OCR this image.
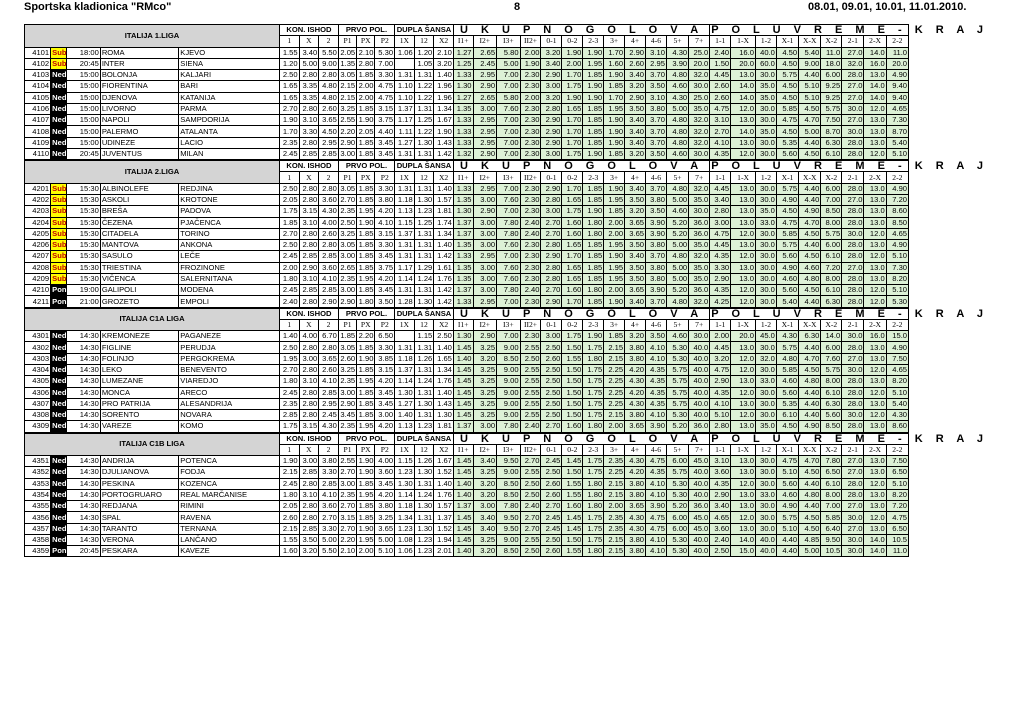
Sportska kladionica "RMco"	8	08.01, 09.01, 10.01, 11.01.2010.
ITALIJA 1.LIGA					KON. ISHOD			PRVO POL.			DUPLA ŠANSA			U K U P N O G O L O V A												P O L U V R E M E - K R A J								
					1	X	2	P1	PX	P2	1X	12	X2	I1+	I2+	I3+	II2+	0-1	0-2	2-3	3+	4+	4-6	5+	7+	1-1	1-X	1-2	X-1	X-X	X-2	2-1	2-X	2-2
4101	Sub	18:00	ROMA	KJEVO	1.55	3.40	5.50	2.05	2.10	5.30	1.06	1.20	2.10	1.27	2.65	5.80	2.00	3.20	1.90	1.90	1.70	2.90	3.10	4.30	25.0	2.40	16.0	40.0	4.50	5.40	11.0	27.0	14.0	11.0
4102	Sub	20:45	INTER	SIENA	1.20	5.00	9.00	1.35	2.80	7.00		1.05	3.20	1.25	2.45	5.00	1.90	3.40	2.00	1.95	1.60	2.60	2.95	3.90	20.0	1.50	20.0	60.0	4.50	9.00	18.0	32.0	16.0	20.0
4103	Ned	15:00	BOLONJA	KALJARI	2.50	2.80	2.80	3.05	1.85	3.30	1.31	1.31	1.40	1.33	2.95	7.00	2.30	2.90	1.70	1.85	1.90	3.40	3.70	4.80	32.0	4.45	13.0	30.0	5.75	4.40	6.00	28.0	13.0	4.90
4104	Ned	15:00	FIORENTINA	BARI	1.65	3.35	4.80	2.15	2.00	4.75	1.10	1.22	1.96	1.30	2.90	7.00	2.30	3.00	1.75	1.90	1.85	3.20	3.50	4.60	30.0	2.60	14.0	35.0	4.50	5.10	9.25	27.0	14.0	9.40
4105	Ned	15:00	DJENOVA	KATANIJA	1.65	3.35	4.80	2.15	2.00	4.75	1.10	1.22	1.96	1.27	2.65	5.80	2.00	3.20	1.90	1.90	1.70	2.90	3.10	4.30	25.0	2.60	14.0	35.0	4.50	5.10	9.25	27.0	14.0	9.40
4106	Ned	15:00	LIVORNO	PARMA	2.70	2.80	2.60	3.25	1.85	3.15	1.37	1.31	1.34	1.35	3.00	7.60	2.30	2.80	1.65	1.85	1.95	3.50	3.80	5.00	35.0	4.75	12.0	30.0	5.85	4.50	5.75	30.0	12.0	4.65
4107	Ned	15:00	NAPOLI	SAMPDORIJA	1.90	3.10	3.65	2.55	1.90	3.75	1.17	1.25	1.67	1.33	2.95	7.00	2.30	2.90	1.70	1.85	1.90	3.40	3.70	4.80	32.0	3.10	13.0	30.0	4.75	4.70	7.50	27.0	13.0	7.30
4108	Ned	15:00	PALERMO	ATALANTA	1.70	3.30	4.50	2.20	2.05	4.40	1.11	1.22	1.90	1.33	2.95	7.00	2.30	2.90	1.70	1.85	1.90	3.40	3.70	4.80	32.0	2.70	14.0	35.0	4.50	5.00	8.70	30.0	13.0	8.70
4109	Ned	15:00	UDINEZE	LACIO	2.35	2.80	2.95	2.90	1.85	3.45	1.27	1.30	1.43	1.33	2.95	7.00	2.30	2.90	1.70	1.85	1.90	3.40	3.70	4.80	32.0	4.10	13.0	30.0	5.35	4.40	6.30	28.0	13.0	5.40
4110	Ned	20:45	JUVENTUS	MILAN	2.45	2.85	2.85	3.00	1.85	3.45	1.31	1.31	1.42	1.32	2.90	7.00	2.30	3.00	1.75	1.90	1.85	3.20	3.50	4.60	30.0	4.35	12.0	30.0	5.60	4.50	6.10	28.0	12.0	5.10
ITALIJA 2.LIGA					KON. ISHOD			PRVO POL.			DUPLA ŠANSA			U K U P N O G O L O V A												P O L U V R E M E - K R A J								
					1	X	2	P1	PX	P2	1X	12	X2	I1+	I2+	I3+	II2+	0-1	0-2	2-3	3+	4+	4-6	5+	7+	1-1	1-X	1-2	X-1	X-X	X-2	2-1	2-X	2-2
4201	Sub	15:30	ALBINOLEFE	REDJINA	2.50	2.80	2.80	3.05	1.85	3.30	1.31	1.31	1.40	1.33	2.95	7.00	2.30	2.90	1.70	1.85	1.90	3.40	3.70	4.80	32.0	4.45	13.0	30.0	5.75	4.40	6.00	28.0	13.0	4.90
4202	Sub	15:30	ASKOLI	KROTONE	2.05	2.80	3.60	2.70	1.85	3.80	1.18	1.30	1.57	1.35	3.00	7.60	2.30	2.80	1.65	1.85	1.95	3.50	3.80	5.00	35.0	3.40	13.0	30.0	4.90	4.40	7.00	27.0	13.0	7.20
4203	Sub	15:30	BREŠA	PADOVA	1.75	3.15	4.30	2.35	1.95	4.20	1.13	1.23	1.81	1.30	2.90	7.00	2.30	3.00	1.75	1.90	1.85	3.20	3.50	4.60	30.0	2.80	13.0	35.0	4.50	4.90	8.50	28.0	13.0	8.60
4204	Sub	15:30	ČEZENA	PJAČENCA	1.85	3.10	4.00	2.50	1.90	4.10	1.15	1.25	1.74	1.37	3.00	7.80	2.40	2.70	1.60	1.80	2.00	3.65	3.90	5.20	36.0	3.00	13.0	33.0	4.75	4.70	8.00	28.0	13.0	8.50
4205	Sub	15:30	CITADELA	TORINO	2.70	2.80	2.60	3.25	1.85	3.15	1.37	1.31	1.34	1.37	3.00	7.80	2.40	2.70	1.60	1.80	2.00	3.65	3.90	5.20	36.0	4.75	12.0	30.0	5.85	4.50	5.75	30.0	12.0	4.65
4206	Sub	15:30	MANTOVA	ANKONA	2.50	2.80	2.80	3.05	1.85	3.30	1.31	1.31	1.40	1.35	3.00	7.60	2.30	2.80	1.65	1.85	1.95	3.50	3.80	5.00	35.0	4.45	13.0	30.0	5.75	4.40	6.00	28.0	13.0	4.90
4207	Sub	15:30	SASULO	LEČE	2.45	2.85	2.85	3.00	1.85	3.45	1.31	1.31	1.42	1.33	2.95	7.00	2.30	2.90	1.70	1.85	1.90	3.40	3.70	4.80	32.0	4.35	12.0	30.0	5.60	4.50	6.10	28.0	12.0	5.10
4208	Sub	15:30	TRIESTINA	FROZINONE	2.00	2.90	3.60	2.65	1.85	3.75	1.17	1.29	1.61	1.35	3.00	7.60	2.30	2.80	1.65	1.85	1.95	3.50	3.80	5.00	35.0	3.30	13.0	30.0	4.90	4.60	7.20	27.0	13.0	7.30
4209	Sub	15:30	VIČENCA	SALERNITANA	1.80	3.10	4.10	2.35	1.95	4.20	1.14	1.24	1.76	1.35	3.00	7.60	2.30	2.80	1.65	1.85	1.95	3.50	3.80	5.00	35.0	2.90	13.0	30.0	4.60	4.80	8.00	28.0	13.0	8.20
4210	Pon	19:00	GALIPOLI	MODENA	2.45	2.85	2.85	3.00	1.85	3.45	1.31	1.31	1.42	1.37	3.00	7.80	2.40	2.70	1.60	1.80	2.00	3.65	3.90	5.20	36.0	4.35	12.0	30.0	5.60	4.50	6.10	28.0	12.0	5.10
4211	Pon	21:00	GROZETO	EMPOLI	2.40	2.80	2.90	2.90	1.80	3.50	1.28	1.30	1.42	1.33	2.95	7.00	2.30	2.90	1.70	1.85	1.90	3.40	3.70	4.80	32.0	4.25	12.0	30.0	5.40	4.40	6.30	28.0	12.0	5.30
ITALIJA C1A LIGA					KON. ISHOD			PRVO POL.			DUPLA ŠANSA			U K U P N O G O L O V A												P O L U V R E M E - K R A J								
					1	X	2	P1	PX	P2	1X	12	X2	I1+	I2+	I3+	II2+	0-1	0-2	2-3	3+	4+	4-6	5+	7+	1-1	1-X	1-2	X-1	X-X	X-2	2-1	2-X	2-2
4301	Ned	14:30	KREMONEZE	PAGANEZE	1.40	4.00	6.70	1.85	2.20	6.50		1.15	2.50	1.30	2.90	7.00	2.30	3.00	1.75	1.90	1.85	3.20	3.50	4.60	30.0	2.00	20.0	45.0	4.30	6.30	14.0	30.0	16.0	15.0
4302	Ned	14:30	FIGLINE	PERUDJA	2.50	2.80	2.80	3.05	1.85	3.30	1.31	1.31	1.40	1.45	3.25	9.00	2.55	2.50	1.50	1.75	2.15	3.80	4.10	5.30	40.0	4.45	13.0	30.0	5.75	4.40	6.00	28.0	13.0	4.90
4303	Ned	14:30	FOLINJO	PERGOKREMA	1.95	3.00	3.65	2.60	1.90	3.85	1.18	1.26	1.65	1.40	3.20	8.50	2.50	2.60	1.55	1.80	2.15	3.80	4.10	5.30	40.0	3.20	12.0	32.0	4.80	4.70	7.60	27.0	13.0	7.50
4304	Ned	14:30	LEKO	BENEVENTO	2.70	2.80	2.60	3.25	1.85	3.15	1.37	1.31	1.34	1.45	3.25	9.00	2.55	2.50	1.50	1.75	2.25	4.20	4.35	5.75	40.0	4.75	12.0	30.0	5.85	4.50	5.75	30.0	12.0	4.65
4305	Ned	14:30	LUMEZANE	VIAREDJO	1.80	3.10	4.10	2.35	1.95	4.20	1.14	1.24	1.76	1.45	3.25	9.00	2.55	2.50	1.50	1.75	2.25	4.30	4.35	5.75	40.0	2.90	13.0	33.0	4.60	4.80	8.00	28.0	13.0	8.20
4306	Ned	14:30	MONCA	ARECO	2.45	2.80	2.85	3.00	1.85	3.45	1.30	1.31	1.40	1.45	3.25	9.00	2.55	2.50	1.50	1.75	2.25	4.20	4.35	5.75	40.0	4.35	12.0	30.0	5.60	4.40	6.10	28.0	12.0	5.10
4307	Ned	14:30	PRO PATRIJA	ALESANDRIJA	2.35	2.80	2.95	2.90	1.85	3.45	1.27	1.30	1.43	1.45	3.25	9.00	2.55	2.50	1.50	1.75	2.25	4.30	4.35	5.75	40.0	4.10	13.0	30.0	5.35	4.40	6.30	28.0	13.0	5.40
4308	Ned	14:30	SORENTO	NOVARA	2.85	2.80	2.45	3.45	1.85	3.00	1.40	1.31	1.30	1.45	3.25	9.00	2.55	2.50	1.50	1.75	2.15	3.80	4.10	5.30	40.0	5.10	12.0	30.0	6.10	4.40	5.60	30.0	12.0	4.30
4309	Ned	14:30	VAREZE	KOMO	1.75	3.15	4.30	2.35	1.95	4.20	1.13	1.23	1.81	1.37	3.00	7.80	2.40	2.70	1.60	1.80	2.00	3.65	3.90	5.20	36.0	2.80	13.0	35.0	4.50	4.90	8.50	28.0	13.0	8.60
ITALIJA C1B LIGA					KON. ISHOD			PRVO POL.			DUPLA ŠANSA			U K U P N O G O L O V A												P O L U V R E M E - K R A J								
					1	X	2	P1	PX	P2	1X	12	X2	I1+	I2+	I3+	II2+	0-1	0-2	2-3	3+	4+	4-6	5+	7+	1-1	1-X	1-2	X-1	X-X	X-2	2-1	2-X	2-2
4351	Ned	14:30	ANDRIJA	POTENCA	1.90	3.00	3.80	2.55	1.90	4.00	1.15	1.26	1.67	1.45	3.40	9.50	2.70	2.45	1.45	1.75	2.35	4.30	4.75	6.00	45.0	3.10	13.0	30.0	4.75	4.70	7.80	27.0	13.0	7.50
4352	Ned	14:30	DJULIANOVA	FODJA	2.15	2.85	3.30	2.70	1.90	3.60	1.23	1.30	1.52	1.45	3.25	9.00	2.55	2.50	1.50	1.75	2.25	4.20	4.35	5.75	40.0	3.60	13.0	30.0	5.10	4.50	6.50	27.0	13.0	6.50
4353	Ned	14:30	PESKINA	KOZENCA	2.45	2.80	2.85	3.00	1.85	3.45	1.30	1.31	1.40	1.40	3.20	8.50	2.50	2.60	1.55	1.80	2.15	3.80	4.10	5.30	40.0	4.35	12.0	30.0	5.60	4.40	6.10	28.0	12.0	5.10
4354	Ned	14:30	PORTOGRUARO	REAL MARČANISE	1.80	3.10	4.10	2.35	1.95	4.20	1.14	1.24	1.76	1.40	3.20	8.50	2.50	2.60	1.55	1.80	2.15	3.80	4.10	5.30	40.0	2.90	13.0	33.0	4.60	4.80	8.00	28.0	13.0	8.20
4355	Ned	14:30	REDJANA	RIMINI	2.05	2.80	3.60	2.70	1.85	3.80	1.18	1.30	1.57	1.37	3.00	7.80	2.40	2.70	1.60	1.80	2.00	3.65	3.90	5.20	36.0	3.40	13.0	30.0	4.90	4.40	7.00	27.0	13.0	7.20
4356	Ned	14:30	SPAL	RAVENA	2.60	2.80	2.70	3.15	1.85	3.25	1.34	1.31	1.37	1.45	3.40	9.50	2.70	2.45	1.45	1.75	2.35	4.30	4.75	6.00	45.0	4.65	12.0	30.0	5.75	4.50	5.85	30.0	12.0	4.75
4357	Ned	14:30	TARANTO	TERNANA	2.15	2.85	3.30	2.70	1.90	3.65	1.23	1.30	1.52	1.45	3.40	9.50	2.70	2.45	1.45	1.75	2.35	4.30	4.75	6.00	45.0	3.60	13.0	30.0	5.10	4.50	6.40	27.0	13.0	6.50
4358	Ned	14:30	VERONA	LANČANO	1.55	3.50	5.00	2.20	1.95	5.00	1.08	1.23	1.94	1.45	3.25	9.00	2.55	2.50	1.50	1.75	2.15	3.80	4.10	5.30	40.0	2.40	14.0	40.0	4.40	4.85	9.50	30.0	14.0	10.5
4359	Pon	20:45	PESKARA	KAVEZE	1.60	3.20	5.50	2.10	2.00	5.10	1.06	1.23	2.01	1.40	3.20	8.50	2.50	2.60	1.55	1.80	2.15	3.80	4.10	5.30	40.0	2.50	15.0	40.0	4.40	5.00	10.5	30.0	14.0	11.0
